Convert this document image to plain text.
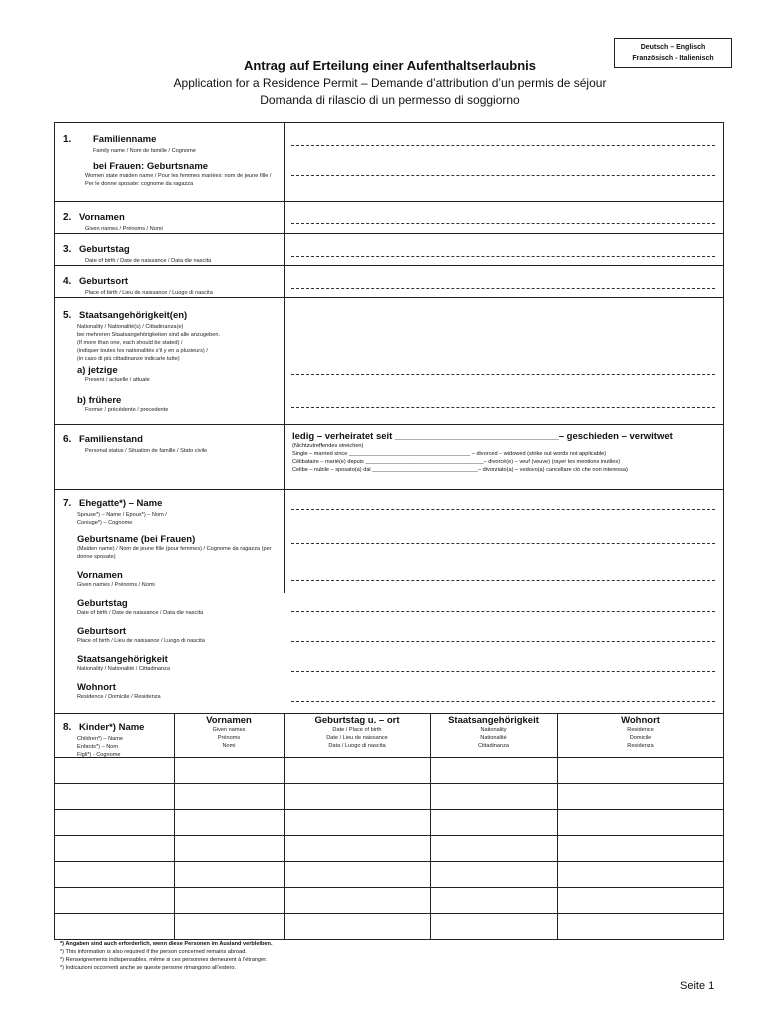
Deutsch – Englisch
Französisch - Italienisch
Antrag auf Erteilung einer Aufenthaltserlaubnis
Application for a Residence Permit – Demande d’attribution d’un permis de séjour
Domanda di rilascio di un permesso di soggiorno
1. Familienname
Family name / Nom de famille / Cognome
bei Frauen: Geburtsname
Women state maiden name / Pour les femmes mariées: nom de jeune fille / Per le donne sposate: cognome da ragazza
2. Vornamen
Given names / Prénoms / Nomi
3. Geburtstag
Date of birth / Date de naissance / Data die nascita
4. Geburtsort
Place of birth / Lieu de naissance / Luogo di nascita
5. Staatsangehörigkeit(en)
Nationality / Nationalité(s) / Cittadinanza(e)
bei mehreren Staatsangehörigkeiten sind alle anzugeben.
(If more than one, each should be stated) /
(indiquer toutes les nationalités s’il y en a plusieurs) /
(in caso di più cittadinanze indicarle tutte)
a) jetzige
Present / actuelle / attuale
b) frühere
Former / précédente / precedente
6. Familienstand
Personal status / Situation de famille / Stato civile
ledig – verheiratet seit _______________________________– geschieden – verwitwet
(Nichtzutreffendes streichen)
Single – married since _______________________________________ – divorced – widowed (strike out words not applicable)
Célibataire – marié(e) depuis ______________________________________– divorcé(e) – veuf (veuve) (rayer les mentions inutiles)
Celibe – nubile – sposato(a) dal __________________________________– divorziato(a) – vedovo(a) cancellare ciò che non interessa)
7. Ehegatte*) – Name
Spouse*) – Name / Epoux*) – Nom /
Coniuge*) – Cognome
Geburtsname (bei Frauen)
(Maiden name) / Nom de jeune fille (pour femmes) / Cognome da ragazza (per donne sposate)
Vornamen
Given names / Prénoms / Nomi
Geburtstag
Date of birth / Date de naissance / Data die nascita
Geburtsort
Place of birth / Lieu de naissance / Luogo di nascita
Staatsangehörigkeit
Nationality / Nationalité / Cittadinanza
Wohnort
Residence / Domicile / Residenza
8. Kinder*) Name
Children*) – Name
Enfants*) – Nom
Figli*) - Cognome
Vornamen
Given names
Prénoms
Nomi
Geburtstag u. – ort
Date / Place of birth
Date / Lieu de naissance
Data / Luogo di nascita
Staatsangehörigkeit
Nationality
Nationalité
Cittadinanza
Wohnort
Residence
Domicile
Residenza
*) Angaben sind auch erforderlich, wenn diese Personen im Ausland verbleiben.
*) This information is also required if the person concerned remains abroad.
*) Renseignements indispensables, même si ces personnes demeurent à l’étranger.
*) Indicazioni occorrenti anche se queste persone rimangono all’estero.
Seite 1
